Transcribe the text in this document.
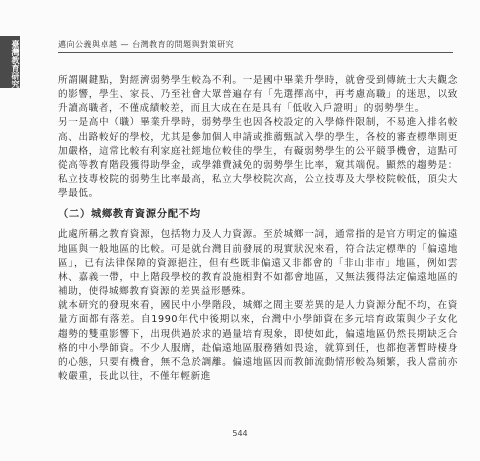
臺灣教育研究	邁向公義與卓越 — 台灣教育的問題與對策研究

所謂關鍵點，對經濟弱勢學生較為不利。一是國中畢業升學時，就會受到傳統士大夫觀念的影響，學生、家長、乃至社會大眾普遍存有「先選擇高中，再考慮高職」的迷思，以致升讀高職者，不僅成績較差，而且大成在在是具有「低收入戶證明」的弱勢學生。

另一是高中（職）畢業升學時，弱勢學生也因各校設定的入學條件限制，不易進入排名較高、出路較好的學校，尤其是參加個人申請或推薦甄試入學的學生，各校的審查標準則更加嚴格，這常比較有利家庭社經地位較佳的學生，有礙弱勢學生的公平競爭機會，這點可從高等教育階段獲得助學金，或學雜費減免的弱勢學生比率，窺其端倪。顯然的趨勢是：私立技專校院的弱勢生比率最高，私立大學校院次高，公立技專及大學校院較低，頂尖大學最低。

（二）城鄉教育資源分配不均

此處所稱之教育資源，包括物力及人力資源。至於城鄉一詞，通常指的是官方明定的偏遠地區與一般地區的比較。可是就台灣目前發展的現實狀況來看，符合法定標準的「偏遠地區」，已有法律保障的資源挹注，但有些既非偏遠又非都會的「非山非市」地區，例如雲林、嘉義一帶，中上階段學校的教育設施相對不如都會地區，又無法獲得法定偏遠地區的補助，使得城鄉教育資源的差異益形懸殊。

就本研究的發現來看，國民中小學階段，城鄉之間主要差異的是人力資源分配不均，在資量方面都有落差。自1990年代中後期以來，台灣中小學師資在多元培育政策與少子女化趨勢的雙重影響下，出現供過於求的過量培育現象，即使如此，偏遠地區仍然長期缺乏合格的中小學師資。不少人服膺，赴偏遠地區服務猶如畏途，就算到任，也都抱著暫時棲身的心態，只要有機會，無不急於調離。偏遠地區因而教師流動情形較為頻繁，我人當前亦較嚴重，長此以往，不僅年輕新進

544
